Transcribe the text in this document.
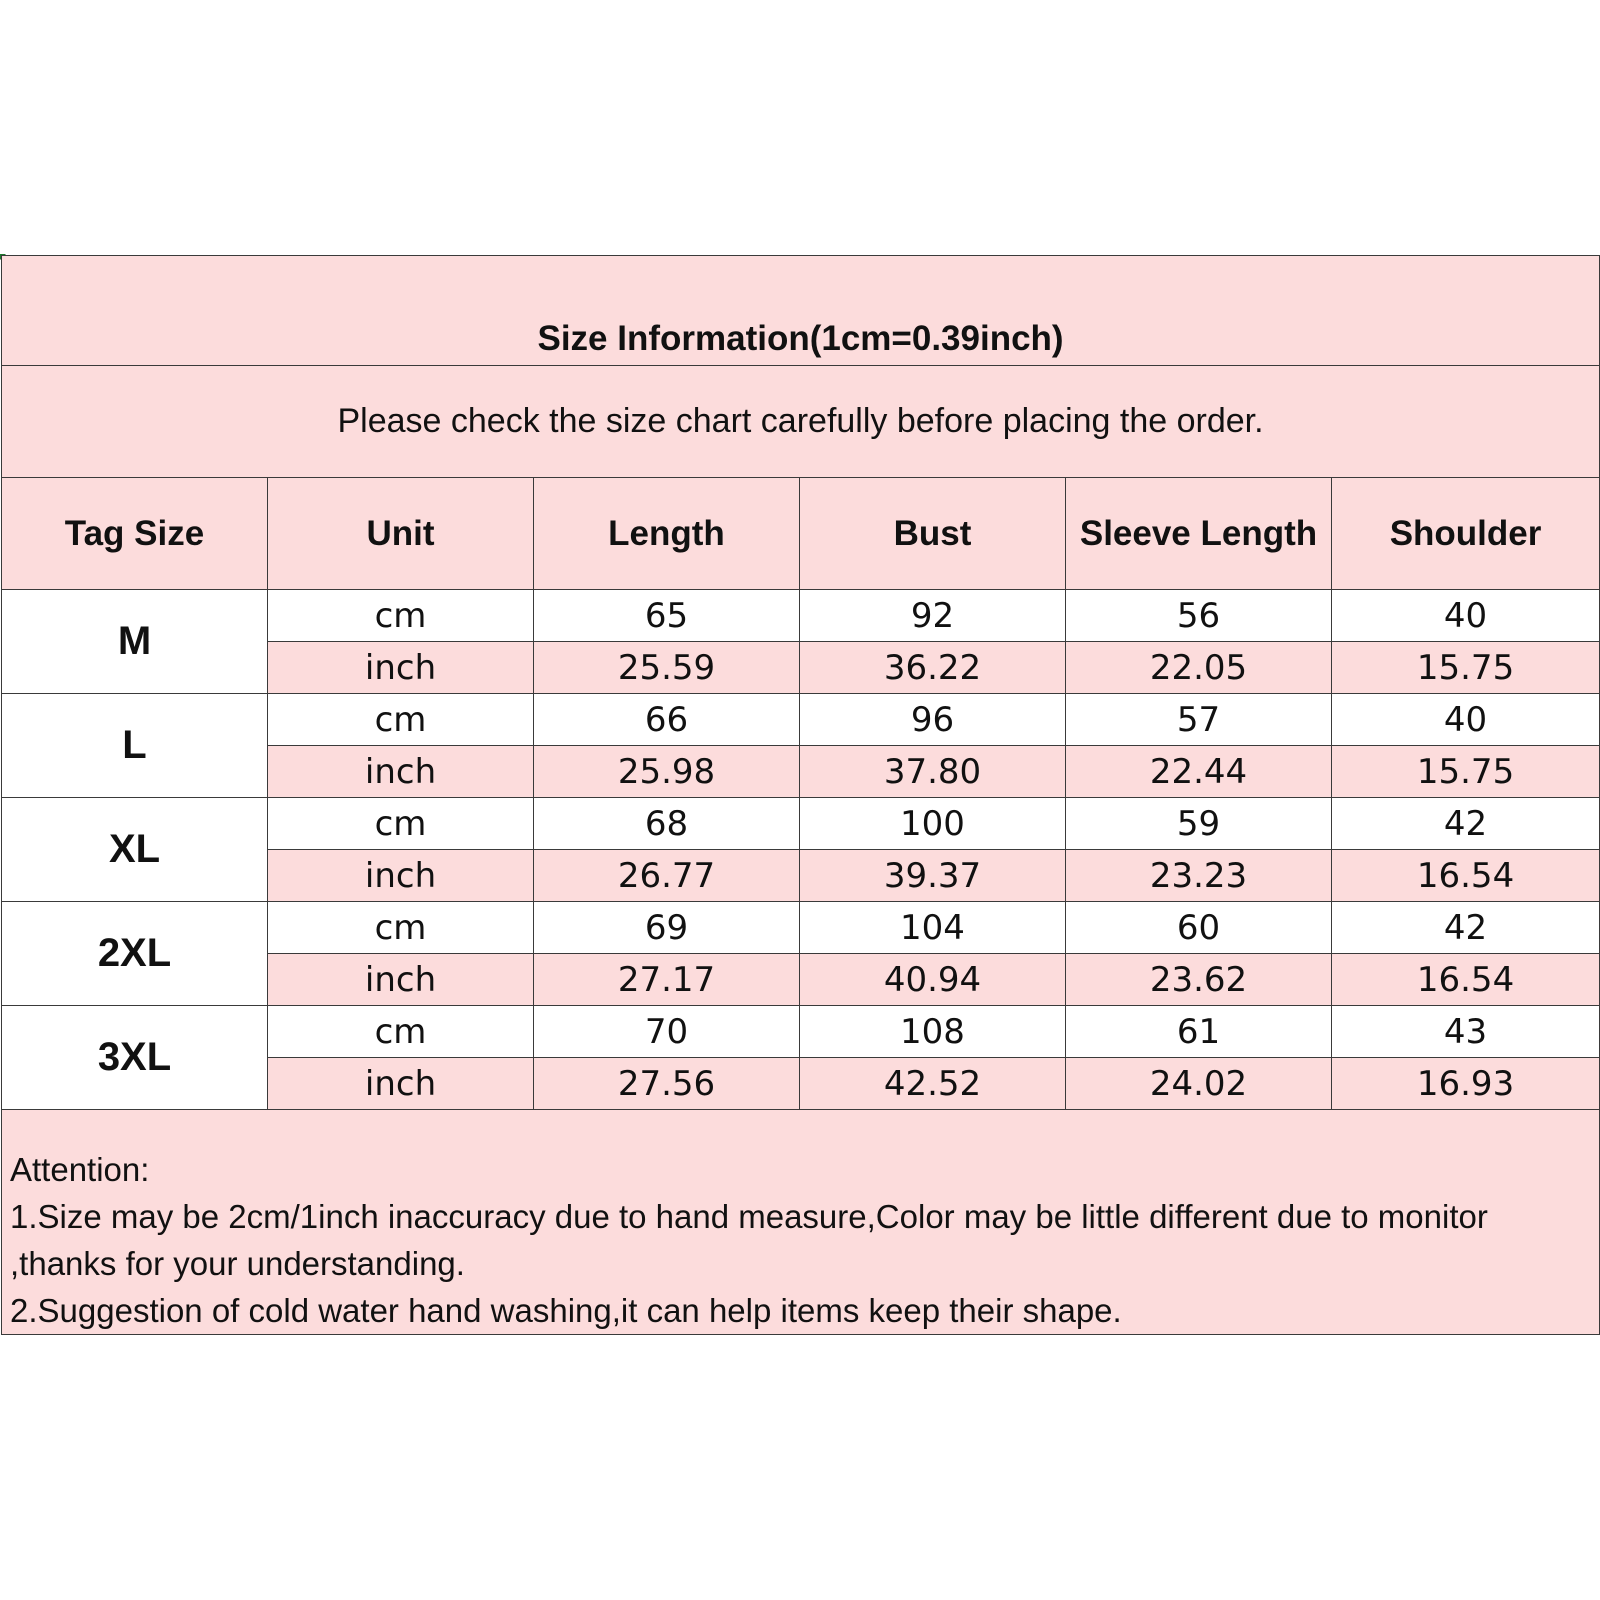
Size Information(1cm=0.39inch)					
Please check the size chart carefully before placing the order.					
Tag Size	Unit	Length	Bust	Sleeve Length	Shoulder
M	cm	65	92	56	40
	inch	25.59	36.22	22.05	15.75
L	cm	66	96	57	40
	inch	25.98	37.80	22.44	15.75
XL	cm	68	100	59	42
	inch	26.77	39.37	23.23	16.54
2XL	cm	69	104	60	42
	inch	27.17	40.94	23.62	16.54
3XL	cm	70	108	61	43
	inch	27.56	42.52	24.02	16.93

Attention:
1.Size may be 2cm/1inch inaccuracy due to hand measure,Color may be little different due to monitor ,thanks for your understanding.
2.Suggestion of cold water hand washing,it can help items keep their shape.					
